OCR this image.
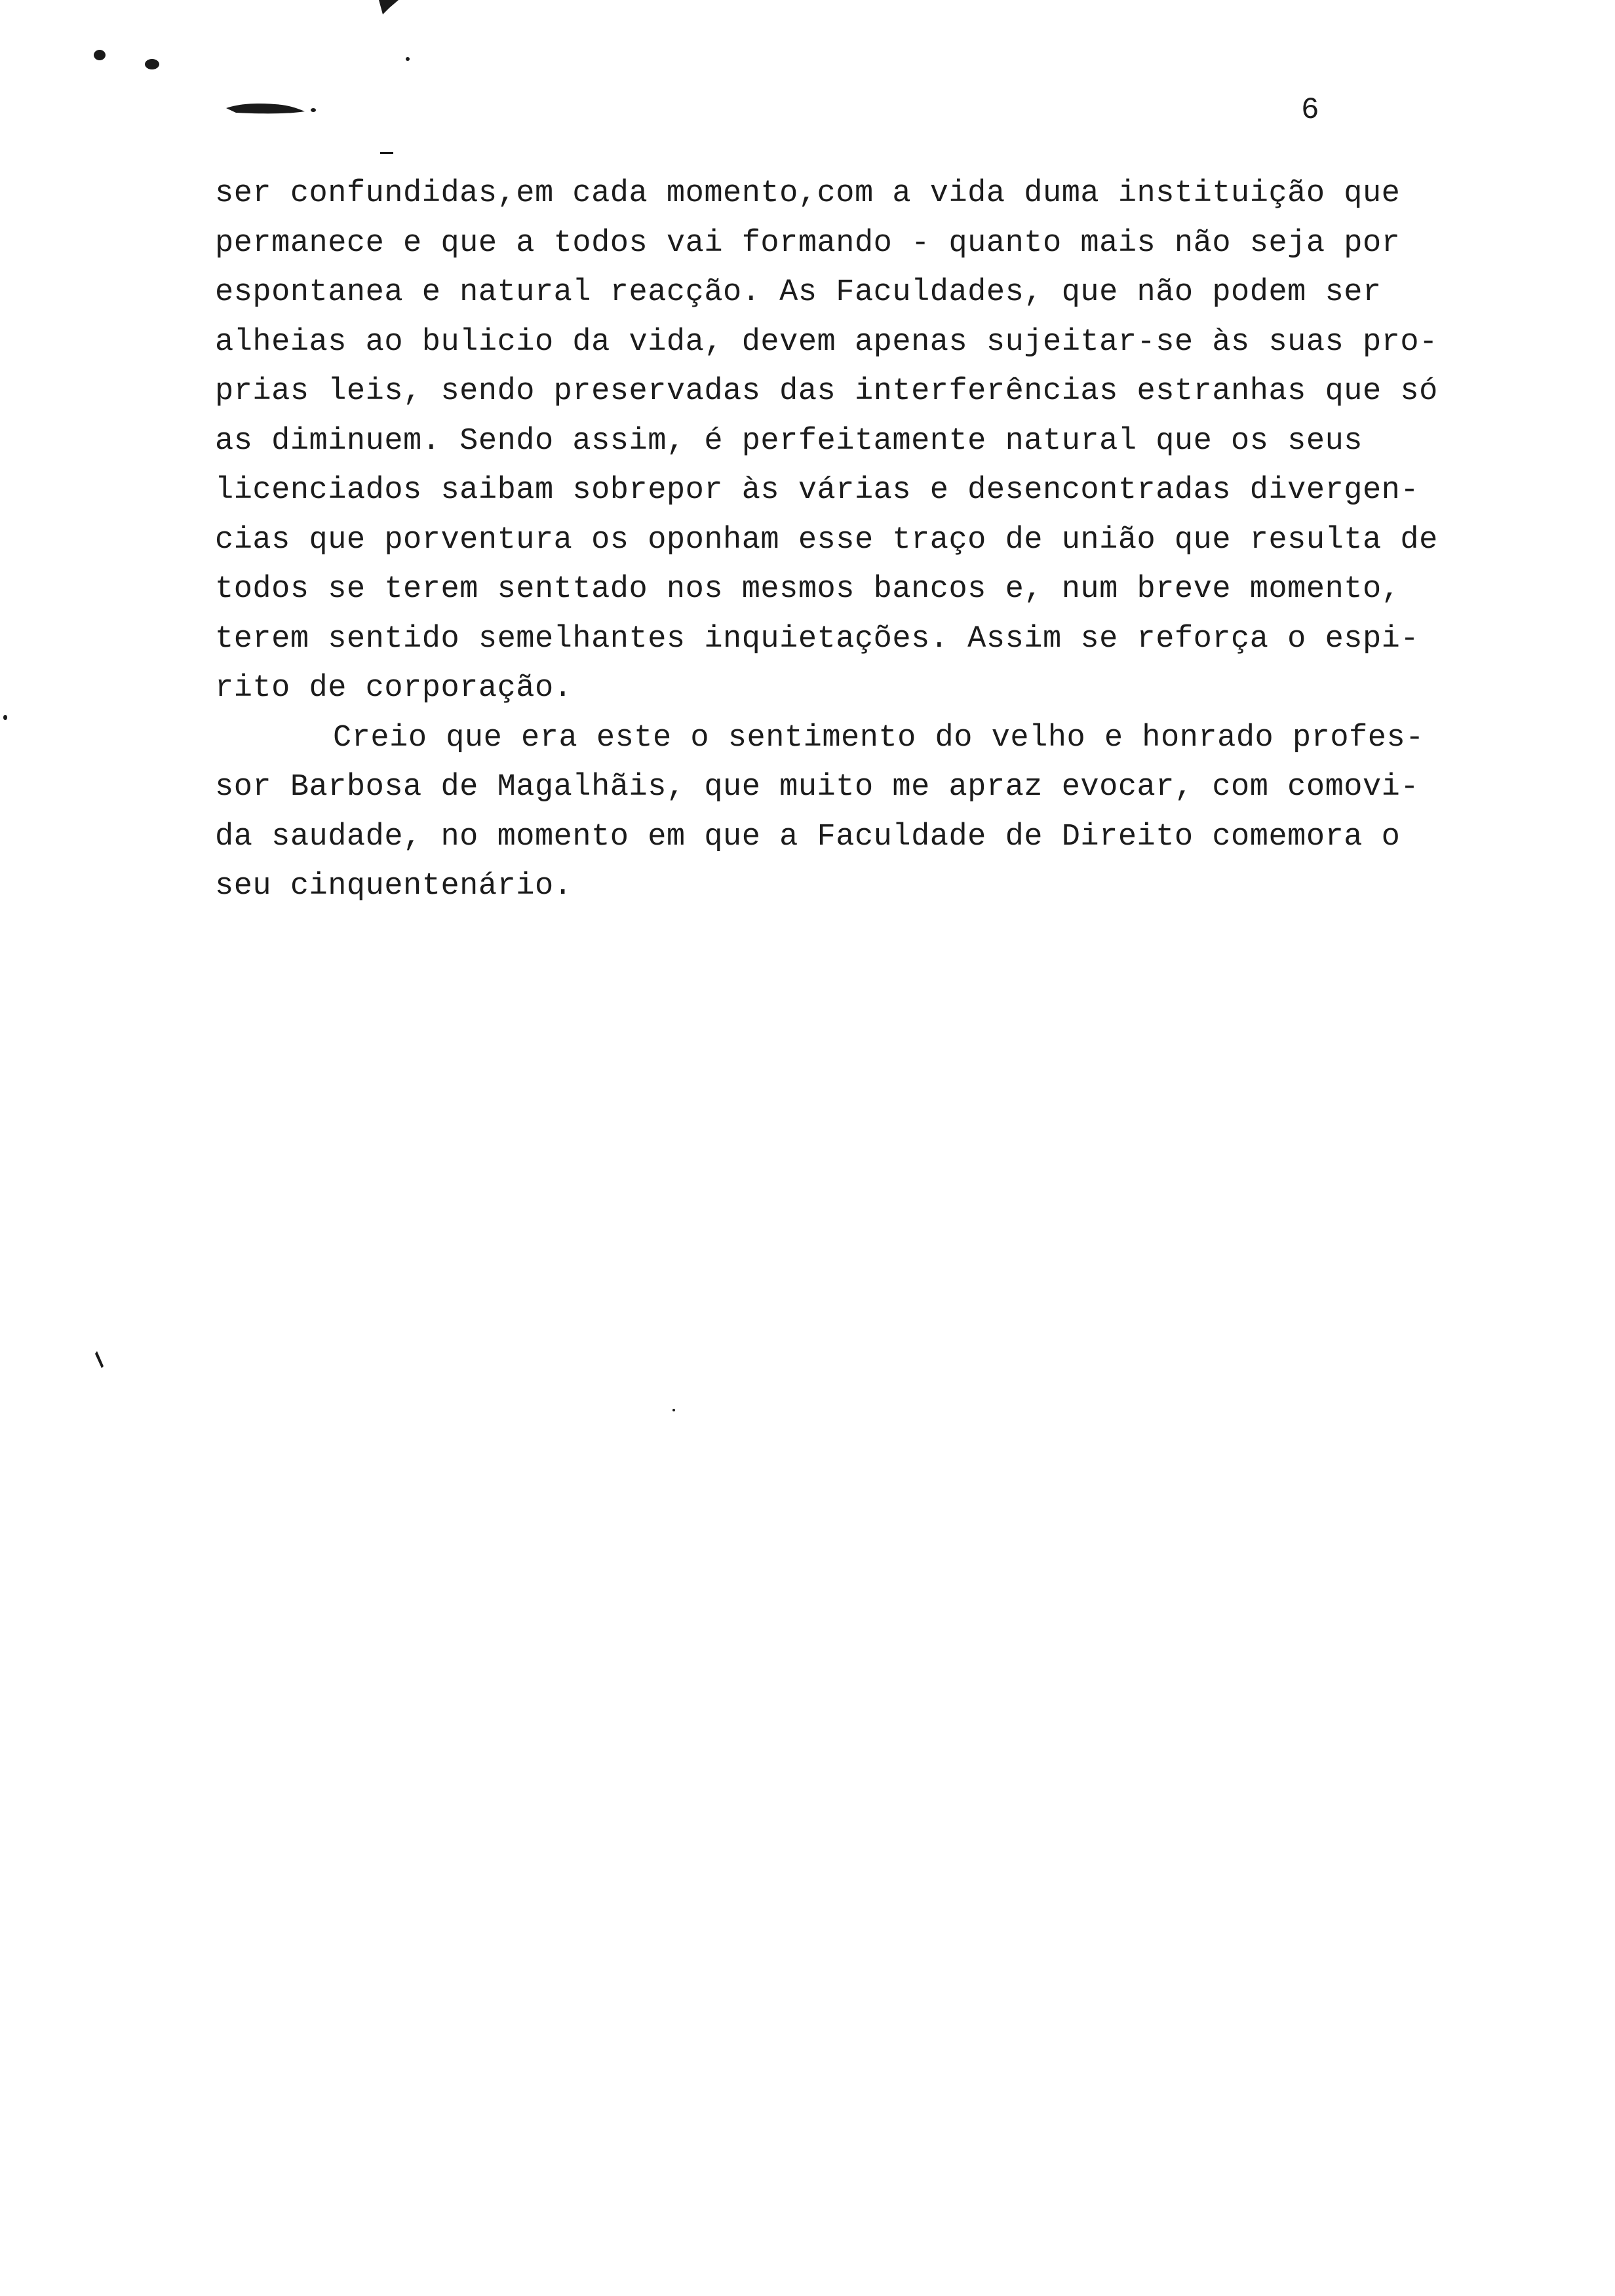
6
ser confundidas,em cada momento,com a vida duma instituição que
permanece e que a todos vai formando - quanto mais não seja por
espontanea e natural reacção. As Faculdades, que não podem ser
alheias ao bulicio da vida, devem apenas sujeitar-se às suas pro-
prias leis, sendo preservadas das interferências estranhas que só
as diminuem. Sendo assim, é perfeitamente natural que os seus
licenciados saibam sobrepor às várias e desencontradas divergen-
cias que porventura os oponham esse traço de união que resulta de
todos se terem senttado nos mesmos bancos e, num breve momento,
terem sentido semelhantes inquietações. Assim se reforça o espi-
rito de corporação.
Creio que era este o sentimento do velho e honrado profes-
sor Barbosa de Magalhãis, que muito me apraz evocar, com comovi-
da saudade, no momento em que a Faculdade de Direito comemora o
seu cinquentenário.
